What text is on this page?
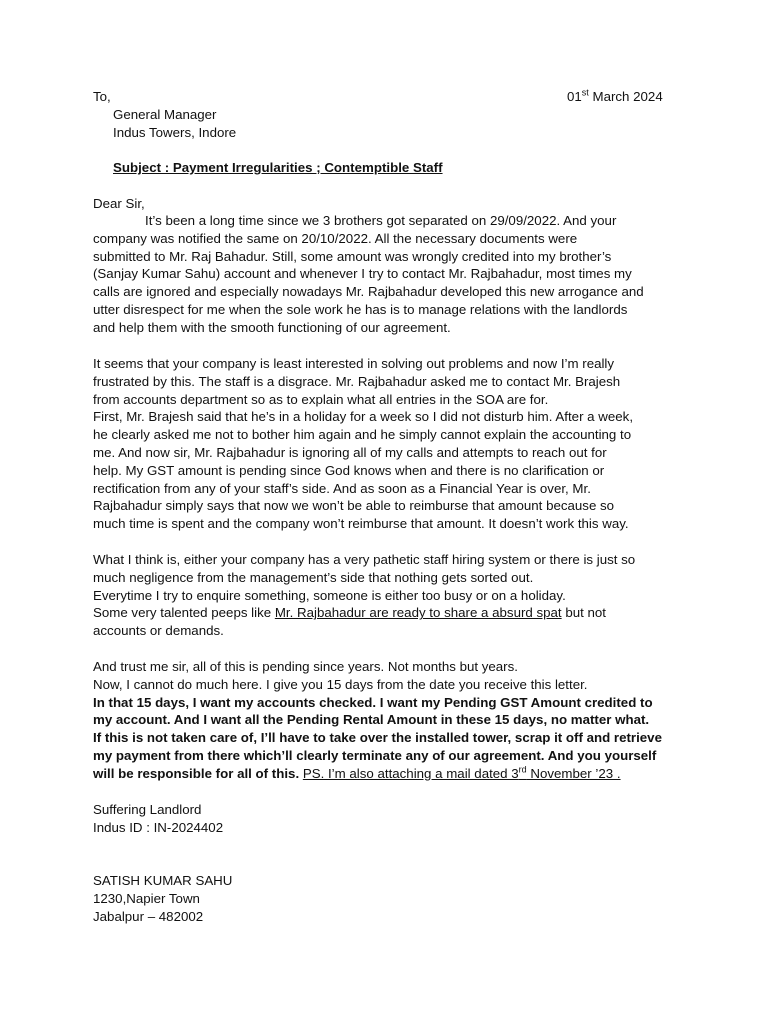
To,	01st March 2024
General Manager
Indus Towers, Indore
Subject : Payment Irregularities ; Contemptible Staff
Dear Sir,
It’s been a long time since we 3 brothers got separated on 29/09/2022. And your
company was notified the same on 20/10/2022. All the necessary documents were
submitted to Mr. Raj Bahadur. Still, some amount was wrongly credited into my brother’s
(Sanjay Kumar Sahu) account and whenever I try to contact Mr. Rajbahadur, most times my
calls are ignored and especially nowadays Mr. Rajbahadur developed this new arrogance and
utter disrespect for me when the sole work he has is to manage relations with the landlords
and help them with the smooth functioning of our agreement.
It seems that your company is least interested in solving out problems and now I’m really
frustrated by this. The staff is a disgrace. Mr. Rajbahadur asked me to contact Mr. Brajesh
from accounts department so as to explain what all entries in the SOA are for.
First, Mr. Brajesh said that he’s in a holiday for a week so I did not disturb him. After a week,
he clearly asked me not to bother him again and he simply cannot explain the accounting to
me. And now sir, Mr. Rajbahadur is ignoring all of my calls and attempts to reach out for
help. My GST amount is pending since God knows when and there is no clarification or
rectification from any of your staff’s side. And as soon as a Financial Year is over, Mr.
Rajbahadur simply says that now we won’t be able to reimburse that amount because so
much time is spent and the company won’t reimburse that amount. It doesn’t work this way.
What I think is, either your company has a very pathetic staff hiring system or there is just so
much negligence from the management’s side that nothing gets sorted out.
Everytime I try to enquire something, someone is either too busy or on a holiday.
Some very talented peeps like Mr. Rajbahadur are ready to share a absurd spat but not
accounts or demands.
And trust me sir, all of this is pending since years. Not months but years.
Now, I cannot do much here. I give you 15 days from the date you receive this letter.
In that 15 days, I want my accounts checked. I want my Pending GST Amount credited to
my account. And I want all the Pending Rental Amount in these 15 days, no matter what.
If this is not taken care of, I’ll have to take over the installed tower, scrap it off and retrieve
my payment from there which’ll clearly terminate any of our agreement. And you yourself
will be responsible for all of this. PS. I’m also attaching a mail dated 3rd November ’23 .
Suffering Landlord
Indus ID : IN-2024402
SATISH KUMAR SAHU
1230,Napier Town
Jabalpur – 482002
